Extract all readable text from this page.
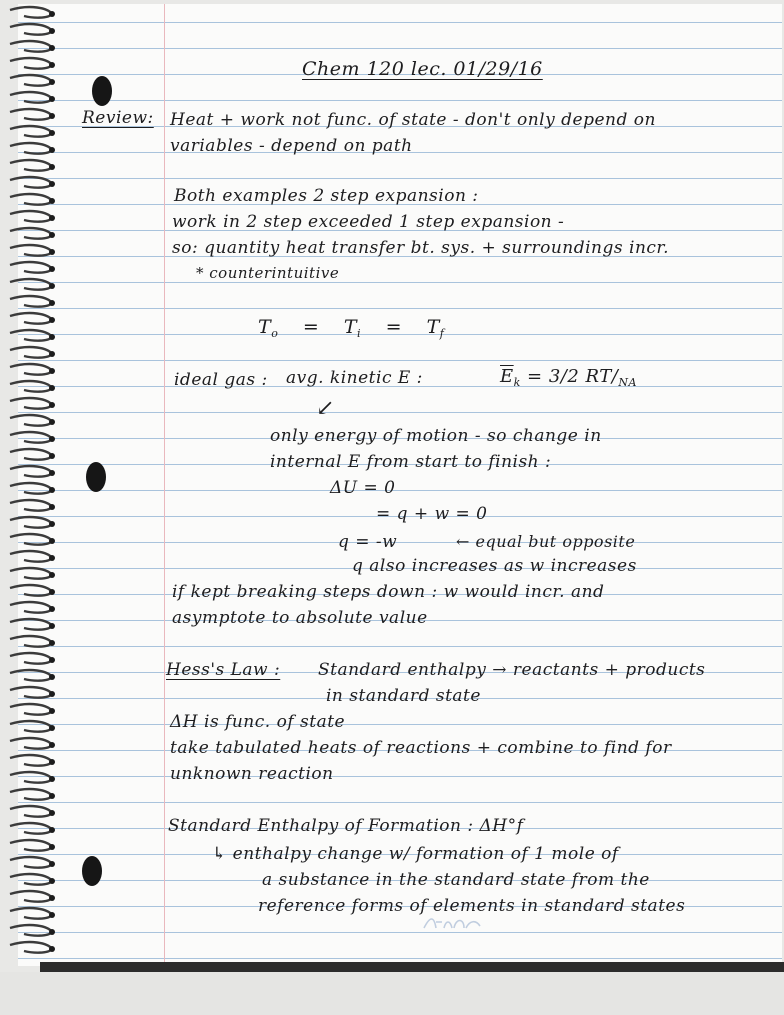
Chem 120 lec. 01/29/16
Review: Heat + work not func. of state - don't only depend on
variables - depend on path
Both examples 2 step expansion :
work in 2 step exceeded 1 step expansion -
so: quantity heat transfer bt. sys. + surroundings incr.
* counterintuitive
$T_o = T_i = T_f$
ideal gas : avg. kinetic E :	$\overline{E}_k = 3/2$ $RT/_{NA}$
↙
only energy of motion - so change in
internal E from start to finish :
ΔU = 0
= q + w = 0
q = -w	← equal but opposite
q also increases as w increases
if kept breaking steps down : w would incr. and
asymptote to absolute value
Hess's Law : Standard enthalpy → reactants + products
in standard state
ΔH is func. of state
take tabulated heats of reactions + combine to find for
unknown reaction
Standard Enthalpy of Formation : ΔH°f
↳ enthalpy change w/ formation of 1 mole of
a substance in the standard state from the
reference forms of elements in standard states
